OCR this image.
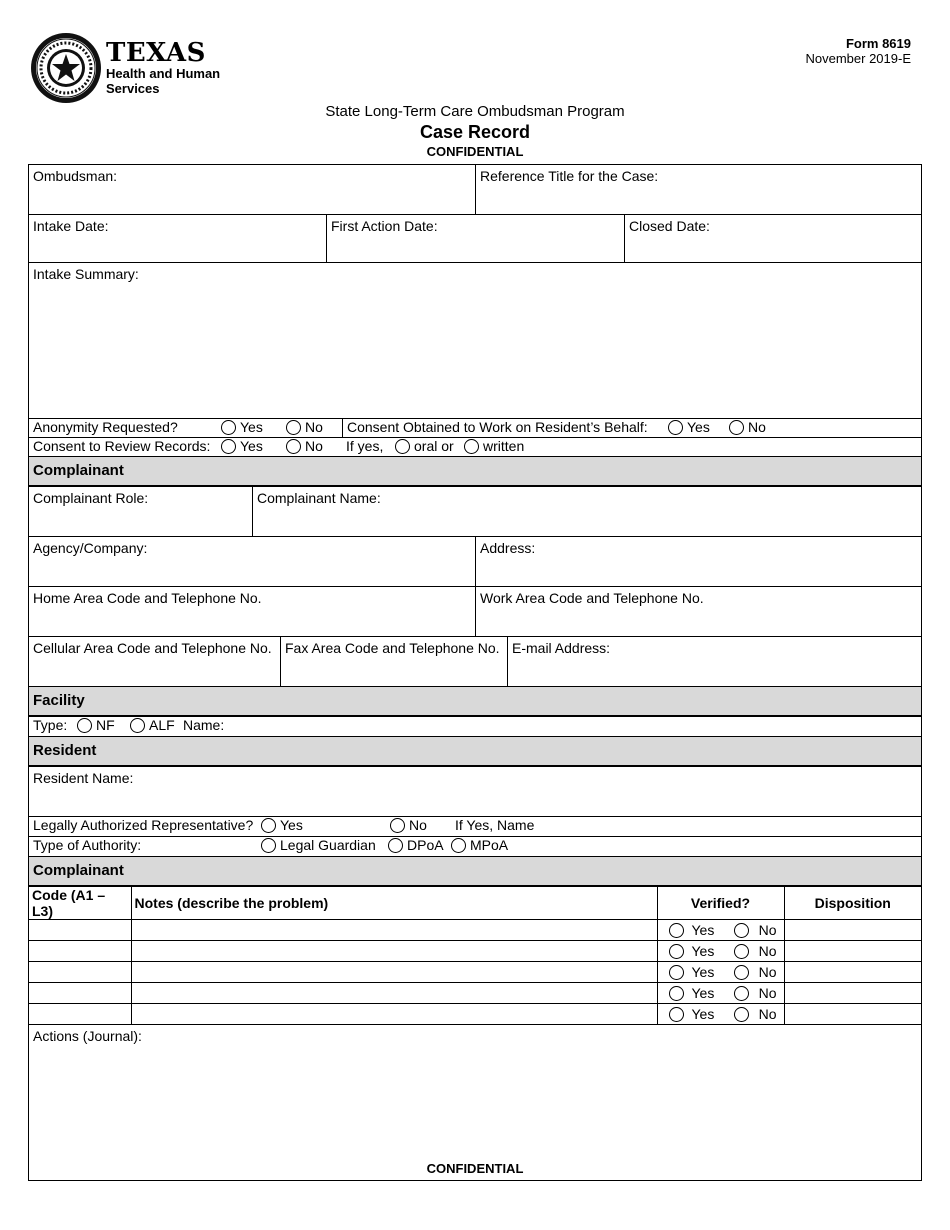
TEXAS
Health and Human
Services
Form 8619
November 2019-E
State Long-Term Care Ombudsman Program
Case Record
CONFIDENTIAL
Ombudsman:	Reference Title for the Case:
Intake Date:	First Action Date:	Closed Date:
Intake Summary:
Anonymity Requested?	Yes	No Consent Obtained to Work on Resident’s Behalf:	Yes	No
Consent to Review Records:	Yes	No	If yes,	oral or	written
Complainant
Complainant Role:	Complainant Name:
Agency/Company:	Address:
Home Area Code and Telephone No.	Work Area Code and Telephone No.
Cellular Area Code and Telephone No. Fax Area Code and Telephone No. E-mail Address:
Facility
Type:	NF	ALF Name:
Resident
Resident Name:
Legally Authorized Representative?	Yes	No	If Yes, Name
Type of Authority:	Legal Guardian	DPoA	MPoA
Complainant
Code (A1 – L3)	Notes (describe the problem)	Verified?	Disposition

		Yes No	

		Yes No	

		Yes No	

		Yes No	

		Yes No	

Actions (Journal):
CONFIDENTIAL
